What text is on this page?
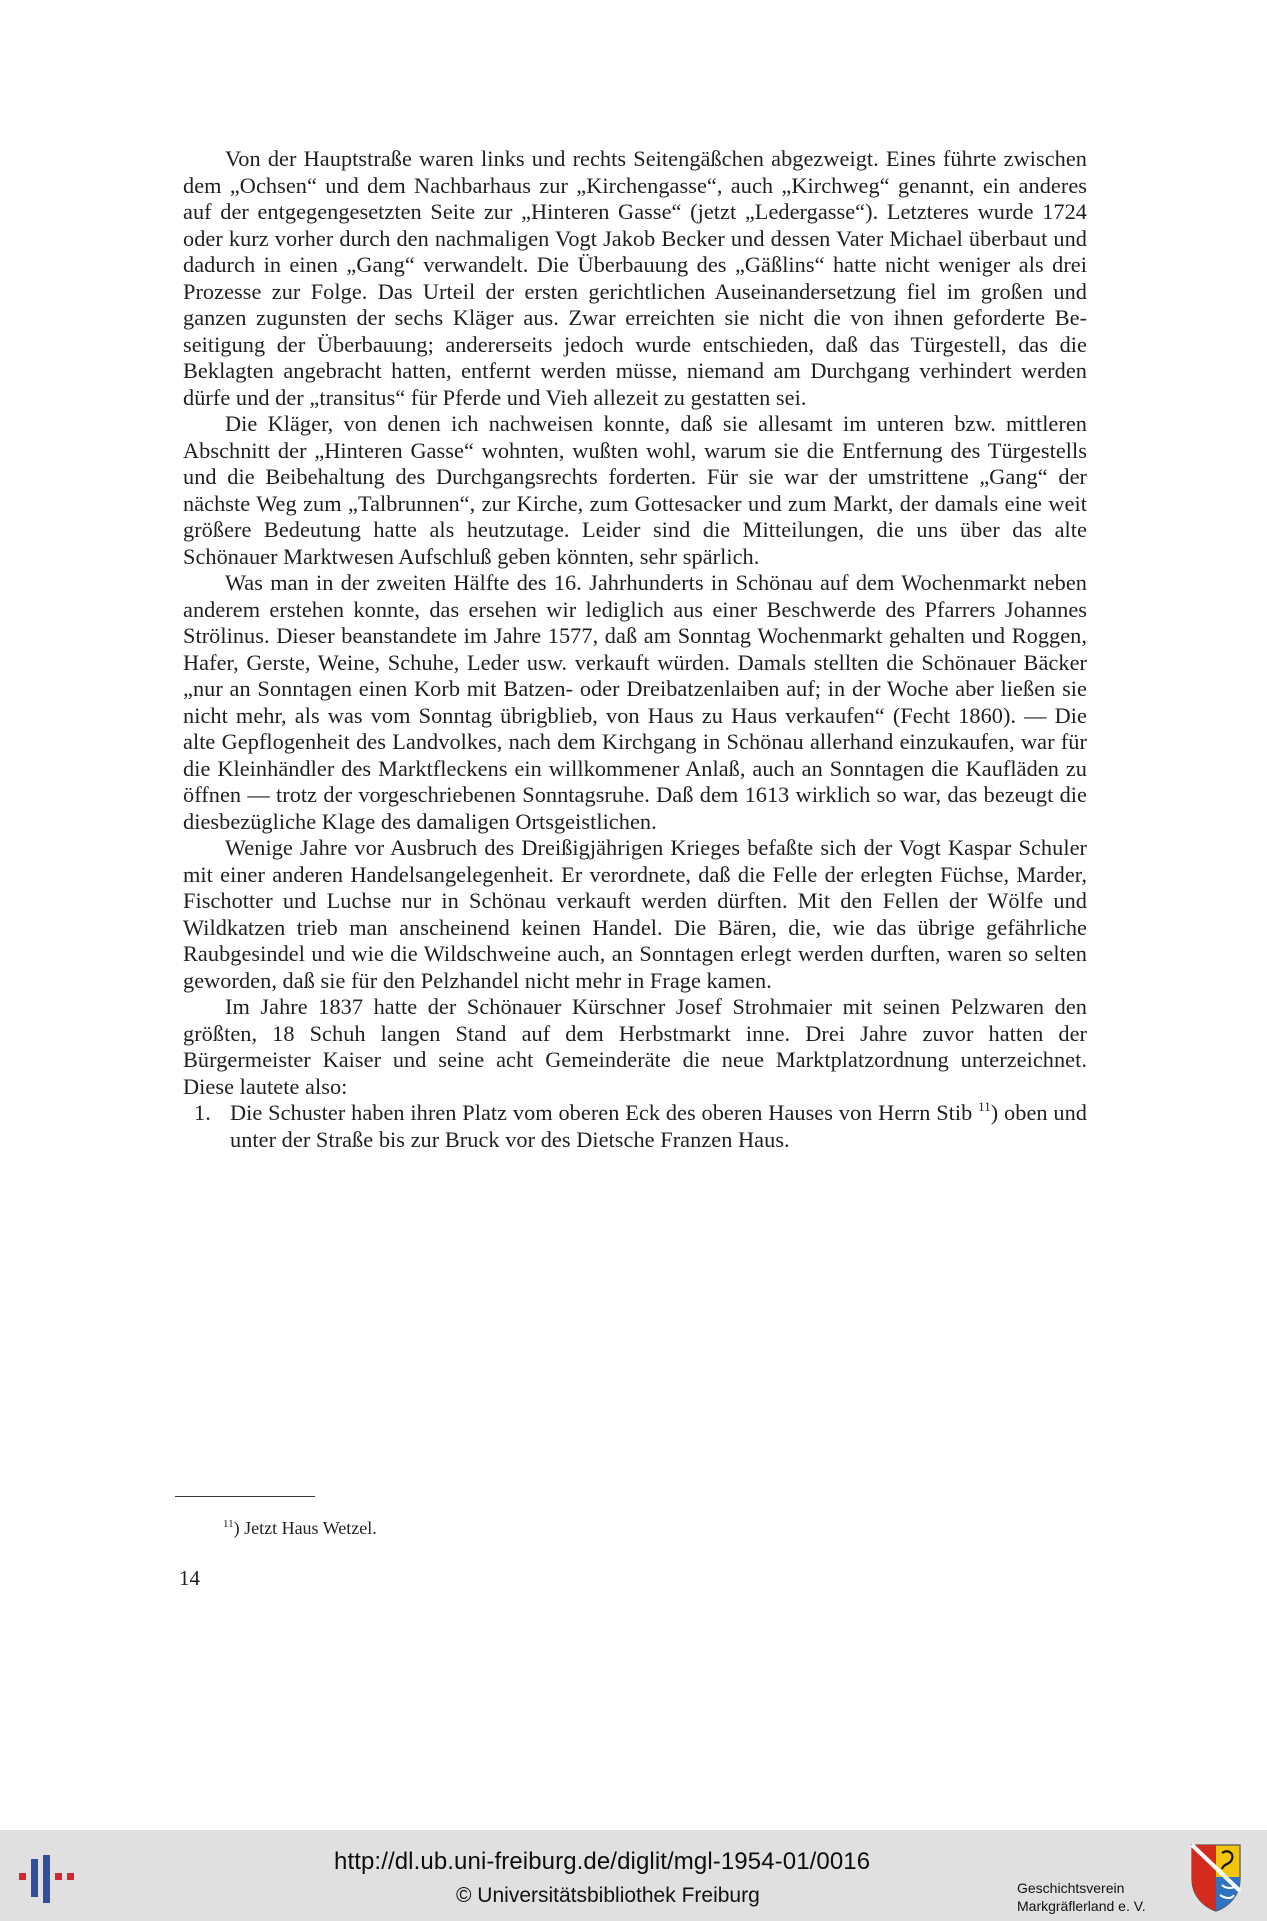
Von der Hauptstraße waren links und rechts Seitengäßchen abgezweigt. Eines führte zwischen dem „Ochsen“ und dem Nachbarhaus zur „Kirchengasse“, auch „Kirchweg“ genannt, ein anderes auf der entgegengesetzten Seite zur „Hinteren Gasse“ (jetzt „Ledergasse“). Letzteres wurde 1724 oder kurz vorher durch den nachmaligen Vogt Jakob Becker und dessen Vater Michael überbaut und dadurch in einen „Gang“ verwandelt. Die Überbauung des „Gäßlins“ hatte nicht weniger als drei Prozesse zur Folge. Das Urteil der ersten gerichtlichen Auseinandersetzung fiel im großen und ganzen zugunsten der sechs Kläger aus. Zwar erreichten sie nicht die von ihnen geforderte Beseitigung der Überbauung; andererseits jedoch wurde entschieden, daß das Türgestell, das die Beklagten angebracht hatten, entfernt werden müsse, niemand am Durchgang verhindert werden dürfe und der „transitus“ für Pferde und Vieh allezeit zu gestatten sei.

Die Kläger, von denen ich nachweisen konnte, daß sie allesamt im unteren bzw. mittleren Abschnitt der „Hinteren Gasse“ wohnten, wußten wohl, warum sie die Entfernung des Türgestells und die Beibehaltung des Durchgangsrechts forderten. Für sie war der umstrittene „Gang“ der nächste Weg zum „Talbrunnen“, zur Kirche, zum Gottesacker und zum Markt, der damals eine weit größere Bedeutung hatte als heutzutage. Leider sind die Mitteilungen, die uns über das alte Schönauer Marktwesen Aufschluß geben könnten, sehr spärlich.

Was man in der zweiten Hälfte des 16. Jahrhunderts in Schönau auf dem Wochenmarkt neben anderem erstehen konnte, das ersehen wir lediglich aus einer Beschwerde des Pfarrers Johannes Strölinus. Dieser beanstandete im Jahre 1577, daß am Sonntag Wochenmarkt gehalten und Roggen, Hafer, Gerste, Weine, Schuhe, Leder usw. verkauft würden. Damals stellten die Schönauer Bäcker „nur an Sonntagen einen Korb mit Batzen- oder Dreibatzenlaiben auf; in der Woche aber ließen sie nicht mehr, als was vom Sonntag übrigblieb, von Haus zu Haus verkaufen“ (Fecht 1860). — Die alte Gepflogenheit des Landvolkes, nach dem Kirchgang in Schönau allerhand einzukaufen, war für die Kleinhändler des Marktfleckens ein willkommener Anlaß, auch an Sonntagen die Kaufläden zu öffnen — trotz der vorgeschriebenen Sonntagsruhe. Daß dem 1613 wirklich so war, das bezeugt die diesbezügliche Klage des damaligen Ortsgeistlichen.

Wenige Jahre vor Ausbruch des Dreißigjährigen Krieges befaßte sich der Vogt Kaspar Schuler mit einer anderen Handelsangelegenheit. Er verordnete, daß die Felle der erlegten Füchse, Marder, Fischotter und Luchse nur in Schönau verkauft werden dürften. Mit den Fellen der Wölfe und Wildkatzen trieb man anscheinend keinen Handel. Die Bären, die, wie das übrige gefährliche Raubgesindel und wie die Wildschweine auch, an Sonntagen erlegt werden durften, waren so selten geworden, daß sie für den Pelzhandel nicht mehr in Frage kamen.

Im Jahre 1837 hatte der Schönauer Kürschner Josef Strohmaier mit seinen Pelzwaren den größten, 18 Schuh langen Stand auf dem Herbstmarkt inne. Drei Jahre zuvor hatten der Bürgermeister Kaiser und seine acht Gemeinderäte die neue Marktplatzordnung unterzeichnet. Diese lautete also:

1. Die Schuster haben ihren Platz vom oberen Eck des oberen Hauses von Herrn Stib $^{11}$) oben und unter der Straße bis zur Bruck vor des Dietsche Franzen Haus.

$^{11}$) Jetzt Haus Wetzel.
14
http://dl.ub.uni-freiburg.de/diglit/mgl-1954-01/0016
© Universitätsbibliothek Freiburg	Geschichtsverein
Markgräflerland e. V.
